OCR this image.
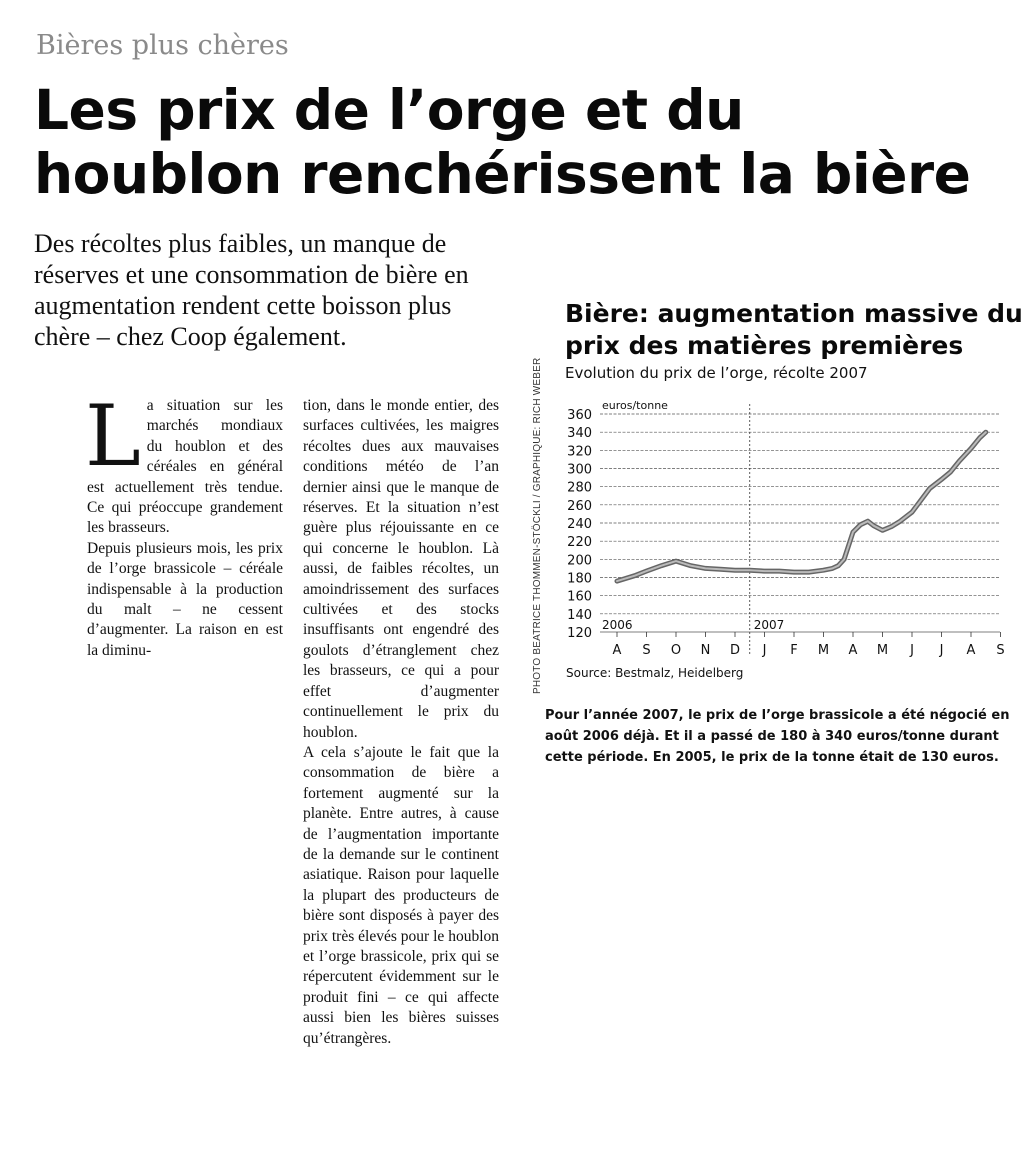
Bières plus chères
Les prix de l’orge et du houblon renchérissent la bière

Des récoltes plus faibles, un manque de réserves et une consommation de bière en augmentation rendent cette boisson plus chère – chez Coop également.

L a situation sur les marchés mondiaux du houblon et des céréales en général est actuellement très tendue. Ce qui préoccupe grandement les brasseurs.

Depuis plusieurs mois, les prix de l’orge brassicole – céréale indispensable à la production du malt – ne cessent d’augmenter. La raison en est la diminu-

tion, dans le monde entier, des surfaces cultivées, les maigres récoltes dues aux mauvaises conditions météo de l’an dernier ainsi que le manque de réserves. Et la situation n’est guère plus réjouissante en ce qui concerne le houblon. Là aussi, de faibles récoltes, un amoindrissement des surfaces cultivées et des stocks insuffisants ont engendré des goulots d’étranglement chez les brasseurs, ce qui a pour effet d’augmenter continuellement le prix du houblon.

A cela s’ajoute le fait que la consommation de bière a fortement augmenté sur la planète. Entre autres, à cause de l’augmentation importante de la demande sur le continent asiatique. Raison pour laquelle la plupart des producteurs de bière sont disposés à payer des prix très élevés pour le houblon et l’orge brassicole, prix qui se répercutent évidemment sur le produit fini – ce qui affecte aussi bien les bières suisses qu’étrangères.

Bière: augmentation massive du
prix des matières premières
Evolution du prix de l’orge, récolte 2007
PHOTO BEATRICE THOMMEN-STÖCKLI / GRAPHIQUE: RICH WEBER 120
140
160
180
200
220
240
260
280
300
320
340
360
euros/tonne
2006	2007
A S O N D J F M A M J J A S
Source: Bestmalz, Heidelberg

Pour l’année 2007, le prix de l’orge brassicole a été négocié en
août 2006 déjà. Et il a passé de 180 à 340 euros/tonne durant
cette période. En 2005, le prix de la tonne était de 130 euros.
